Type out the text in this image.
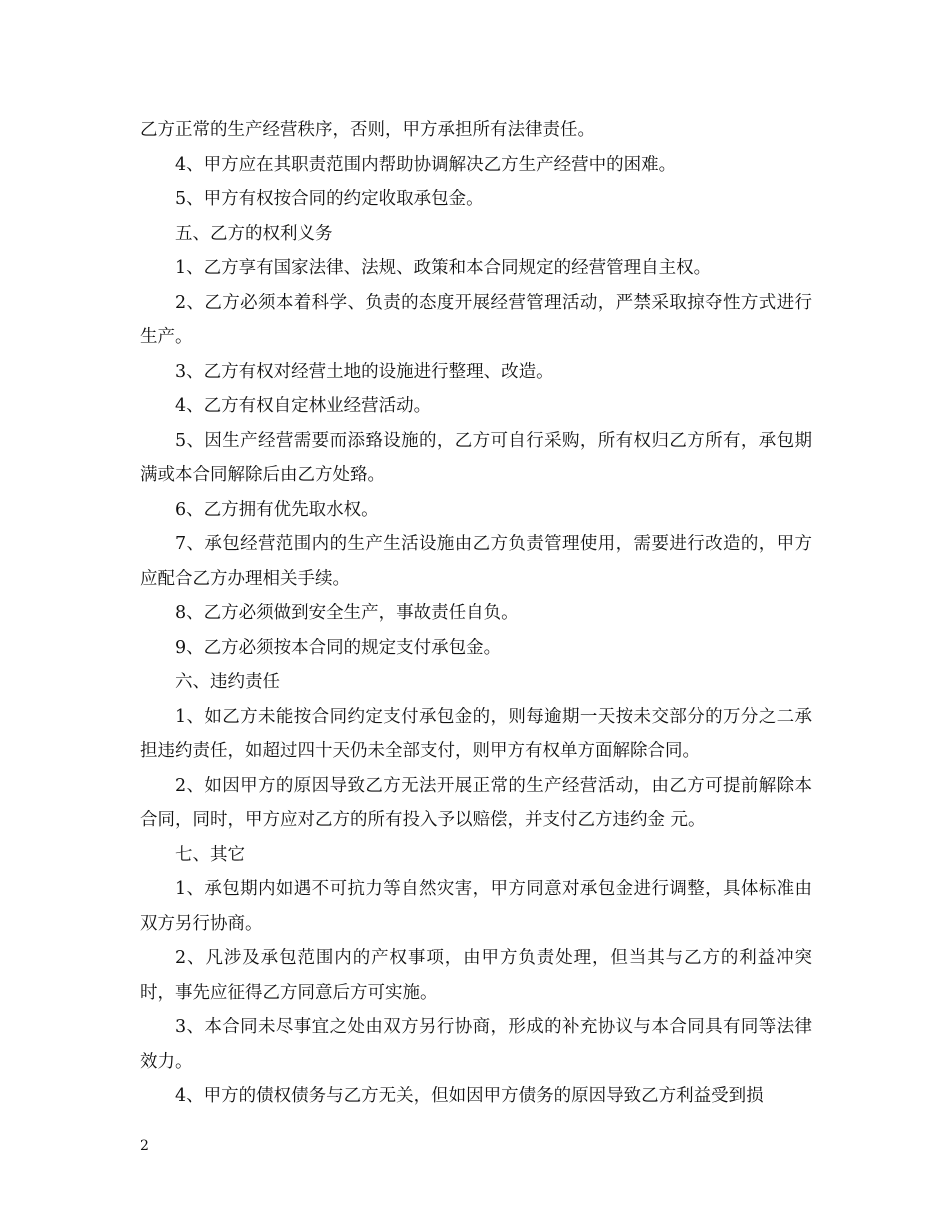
乙方正常的生产经营秩序，否则，甲方承担所有法律责任。

4、甲方应在其职责范围内帮助协调解决乙方生产经营中的困难。

5、甲方有权按合同的约定收取承包金。

五、乙方的权利义务

1、乙方享有国家法律、法规、政策和本合同规定的经营管理自主权。

2、乙方必须本着科学、负责的态度开展经营管理活动，严禁采取掠夺性方式进行生产。

3、乙方有权对经营土地的设施进行整理、改造。

4、乙方有权自定林业经营活动。

5、因生产经营需要而添臵设施的，乙方可自行采购，所有权归乙方所有，承包期满或本合同解除后由乙方处臵。

6、乙方拥有优先取水权。

7、承包经营范围内的生产生活设施由乙方负责管理使用，需要进行改造的，甲方应配合乙方办理相关手续。

8、乙方必须做到安全生产，事故责任自负。

9、乙方必须按本合同的规定支付承包金。

六、违约责任

1、如乙方未能按合同约定支付承包金的，则每逾期一天按未交部分的万分之二承担违约责任，如超过四十天仍未全部支付，则甲方有权单方面解除合同。

2、如因甲方的原因导致乙方无法开展正常的生产经营活动，由乙方可提前解除本合同，同时，甲方应对乙方的所有投入予以赔偿，并支付乙方违约金 元。

七、其它

1、承包期内如遇不可抗力等自然灾害，甲方同意对承包金进行调整，具体标准由双方另行协商。

2、凡涉及承包范围内的产权事项，由甲方负责处理，但当其与乙方的利益冲突时，事先应征得乙方同意后方可实施。

3、本合同未尽事宜之处由双方另行协商，形成的补充协议与本合同具有同等法律效力。

4、甲方的债权债务与乙方无关，但如因甲方债务的原因导致乙方利益受到损

2
